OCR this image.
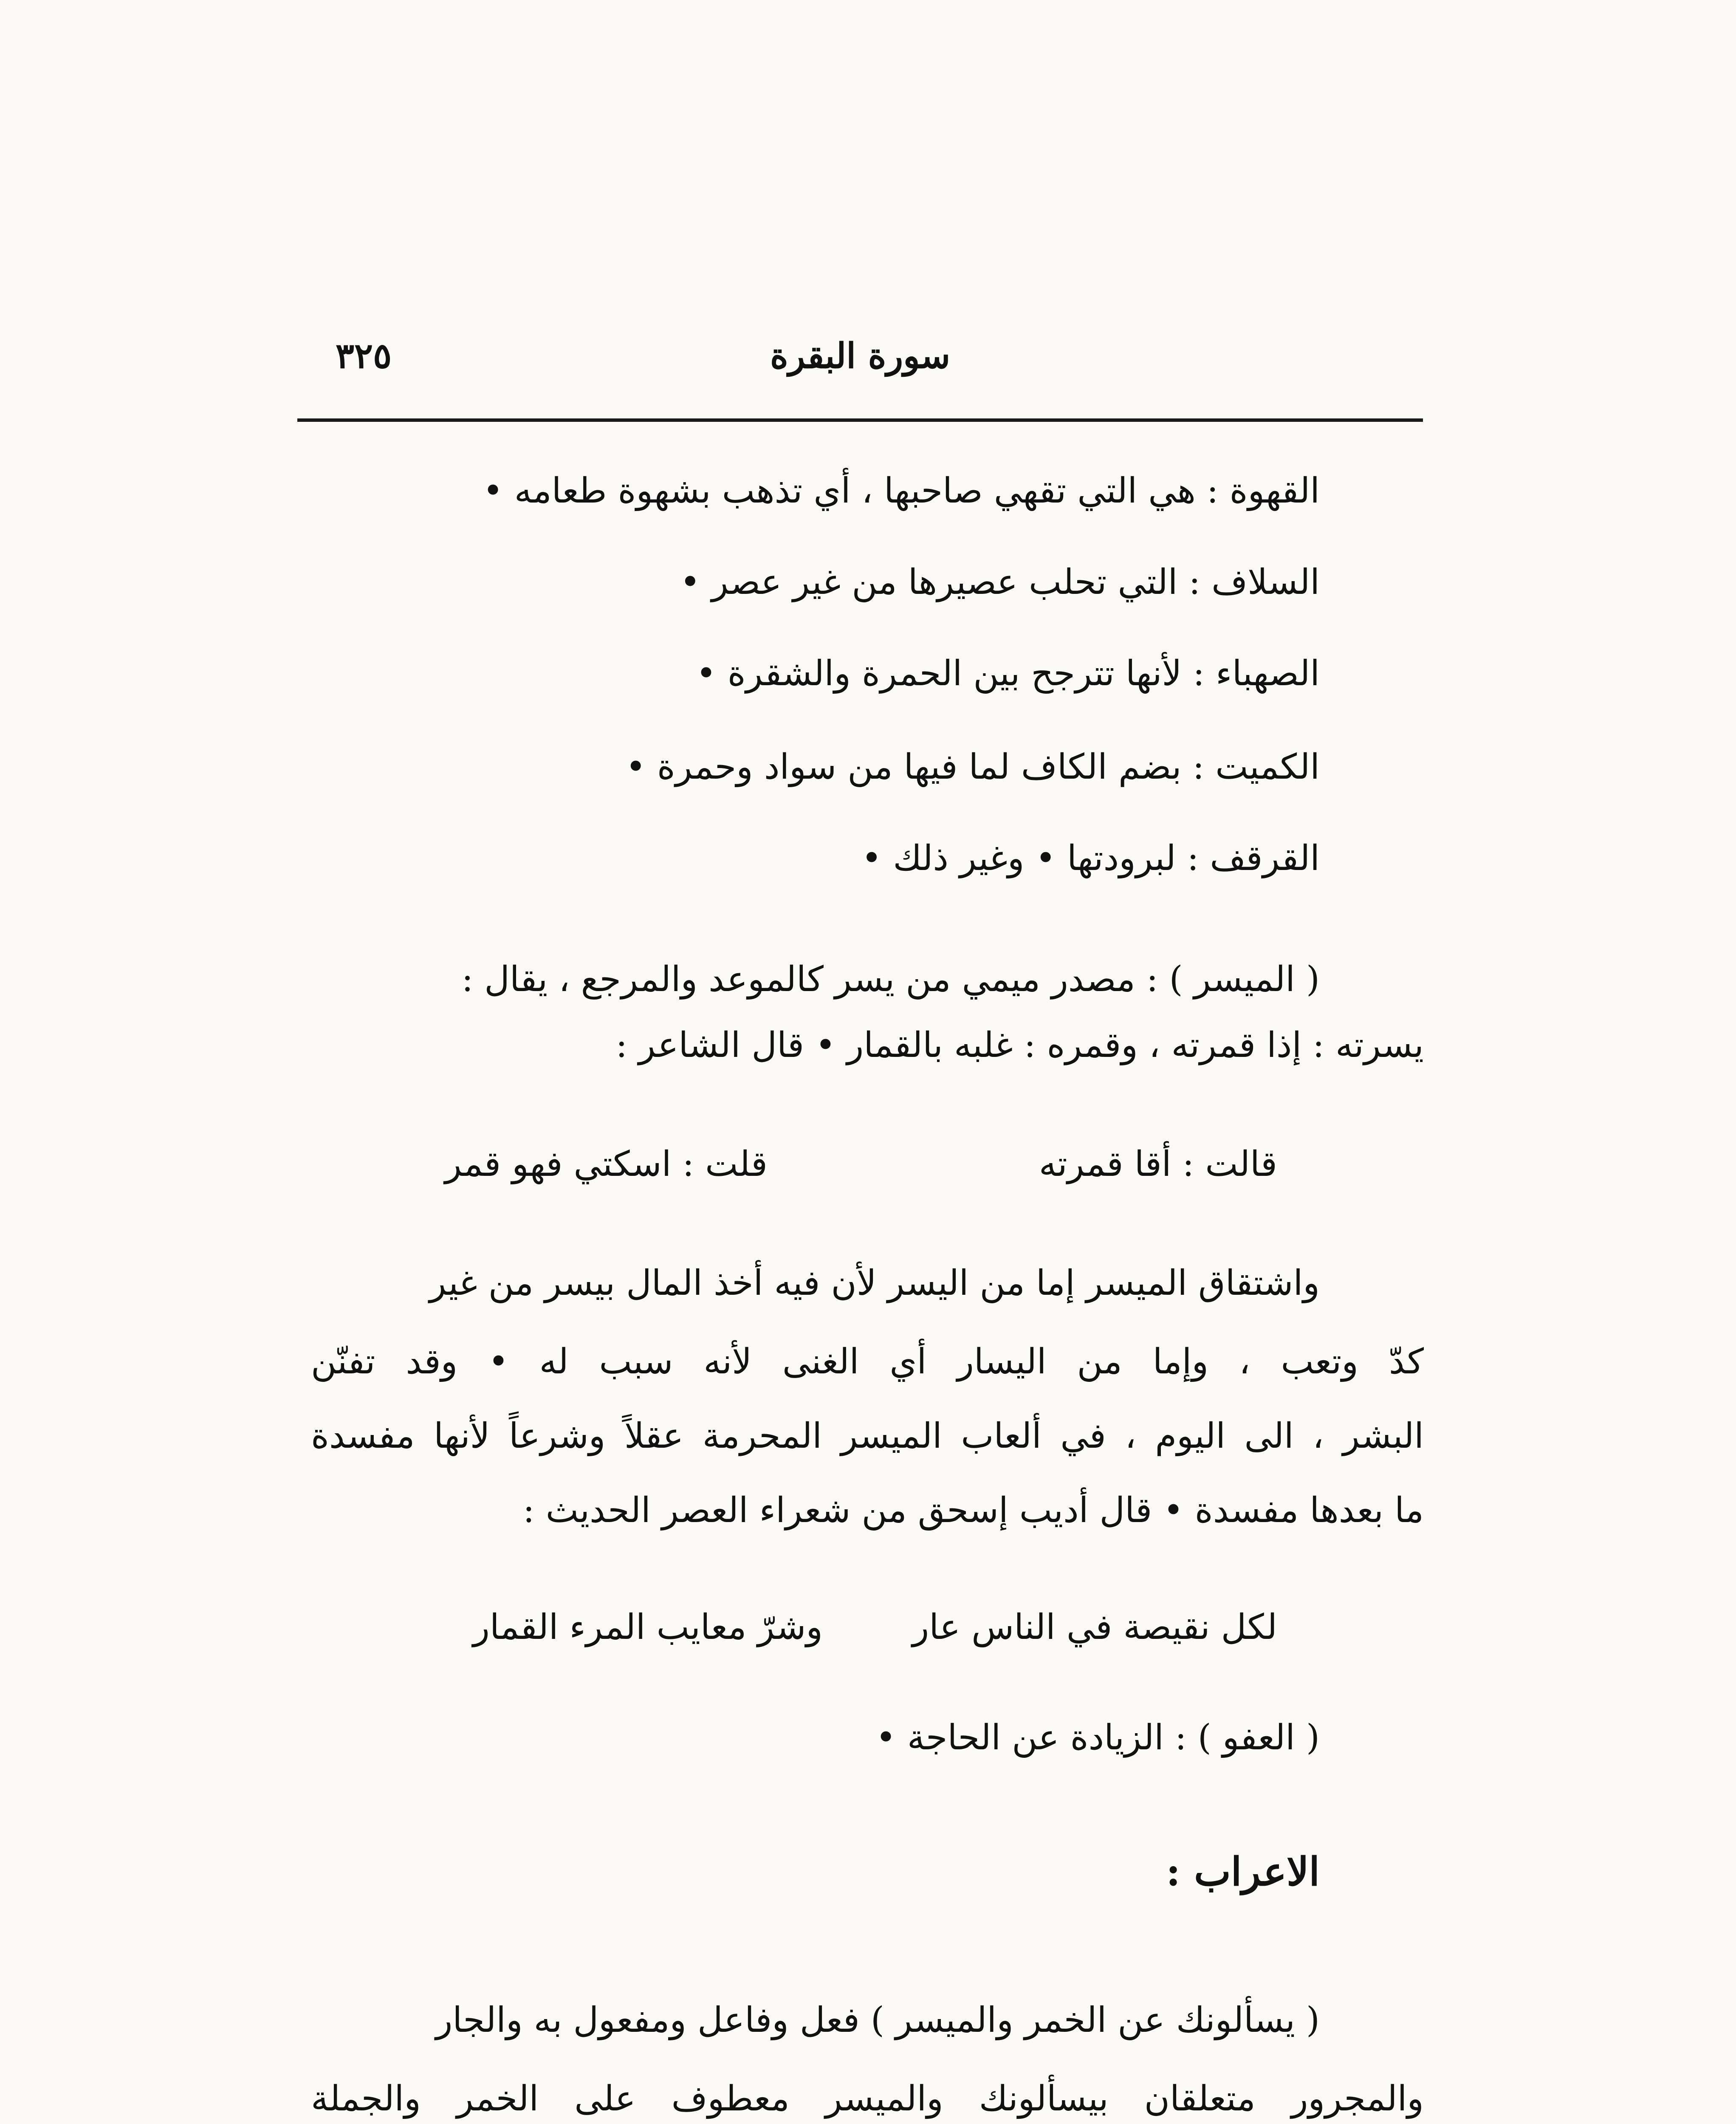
٣٢٥	سورة البقرة
القهوة : هي التي تقهي صاحبها ، أي تذهب بشهوة طعامه •
السلاف : التي تحلب عصيرها من غير عصر •
الصهباء : لأنها تترجح بين الحمرة والشقرة •
الكميت : بضم الكاف لما فيها من سواد وحمرة •
القرقف : لبرودتها • وغير ذلك •
( الميسر ) : مصدر ميمي من يسر كالموعد والمرجع ، يقال :
يسرته : إذا قمرته ، وقمره : غلبه بالقمار • قال الشاعر :
قالت : أقا قمرته
قلت : اسكتي فهو قمر
واشتقاق الميسر إما من اليسر لأن فيه أخذ المال بيسر من غير
كدّ وتعب ، وإما من اليسار أي الغنى لأنه سبب له • وقد تفنّن
البشر ، الى اليوم ، في ألعاب الميسر المحرمة عقلاً وشرعاً لأنها مفسدة
ما بعدها مفسدة • قال أديب إسحق من شعراء العصر الحديث :
لكل نقيصة في الناس عار
وشرّ معايب المرء القمار
( العفو ) : الزيادة عن الحاجة •
الاعراب :
( يسألونك عن الخمر والميسر ) فعل وفاعل ومفعول به والجار
والمجرور متعلقان بيسألونك والميسر معطوف على الخمر والجملة
